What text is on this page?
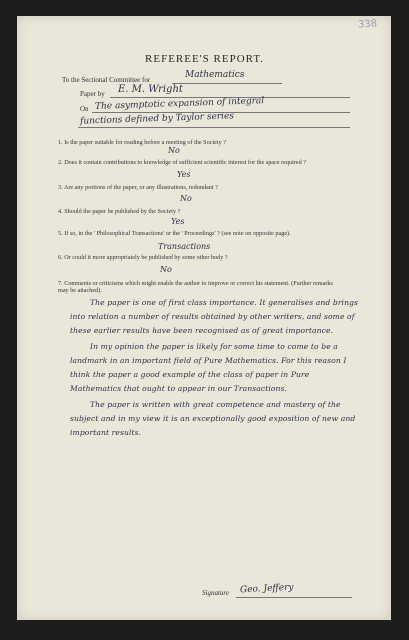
338
REFEREE'S REPORT.
To the Sectional Committee for	Mathematics
Paper by E. M. Wright
On The asymptotic expansion of integral
functions defined by Taylor series
1. Is the paper suitable for reading before a meeting of the Society ?
No
2. Does it contain contributions to knowledge of sufficient scientific interest for the space required ?
Yes
3. Are any portions of the paper, or any illustrations, redundant ?
No
4. Should the paper be published by the Society ?
Yes
5. If so, in the ' Philosophical Transactions' or the ' Proceedings' ? (see note on opposite page).
Transactions
6. Or could it more appropriately be published by some other body ?
No
7. Comments or criticisms which might enable the author to improve or correct his statement. (Further remarks may be attached).

The paper is one of first class importance. It generalises and brings into relation a number of results obtained by other writers, and some of these earlier results have been recognised as of great importance.

In my opinion the paper is likely for some time to come to be a landmark in an important field of Pure Mathematics. For this reason I think the paper a good example of the class of paper in Pure Mathematics that ought to appear in our Transactions.

The paper is written with great competence and mastery of the subject and in my view it is an exceptionally good exposition of new and important results.

Signature Geo. Jeffery
